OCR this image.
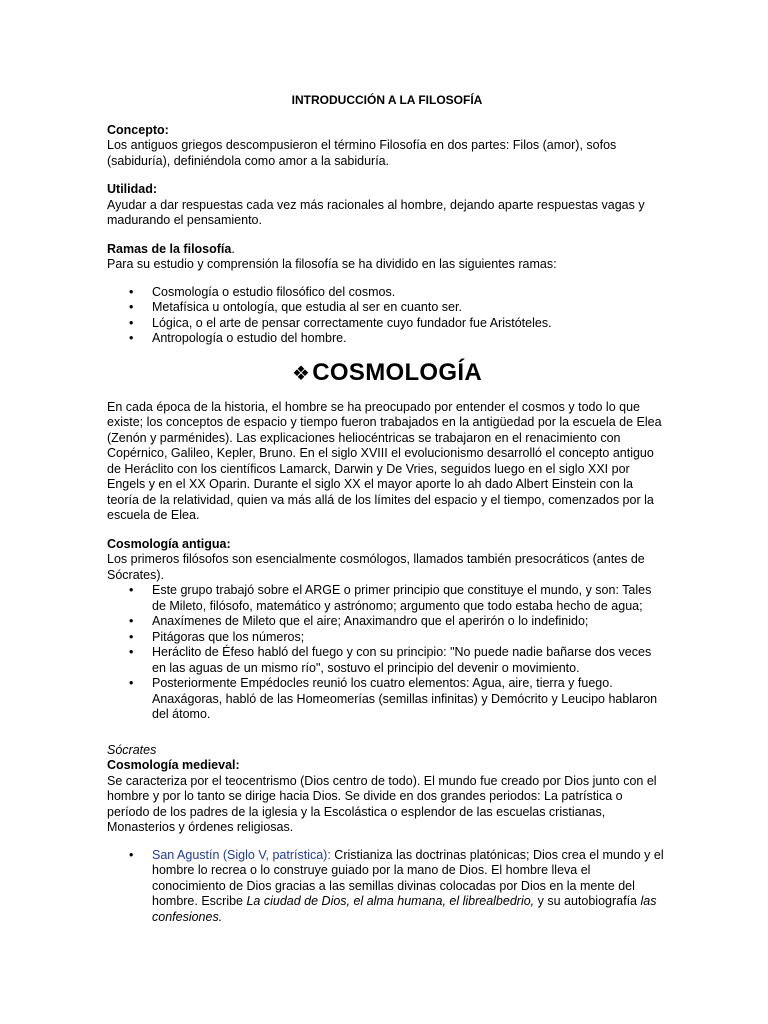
INTRODUCCIÓN A LA FILOSOFÍA

Concepto:

Los antiguos griegos descompusieron el término Filosofía en dos partes: Filos (amor), sofos (sabiduría), definiéndola como amor a la sabiduría.

Utilidad:

Ayudar a dar respuestas cada vez más racionales al hombre, dejando aparte respuestas vagas y madurando el pensamiento.

Ramas de la filosofía.

Para su estudio y comprensión la filosofía se ha dividido en las siguientes ramas:

• Cosmología o estudio filosófico del cosmos.
• Metafísica u ontología, que estudia al ser en cuanto ser.
• Lógica, o el arte de pensar correctamente cuyo fundador fue Aristóteles.
• Antropología o estudio del hombre.
❖COSMOLOGÍA

En cada época de la historia, el hombre se ha preocupado por entender el cosmos y todo lo que existe; los conceptos de espacio y tiempo fueron trabajados en la antigüedad por la escuela de Elea (Zenón y parménides). Las explicaciones heliocéntricas se trabajaron en el renacimiento con Copérnico, Galileo, Kepler, Bruno. En el siglo XVIII el evolucionismo desarrolló el concepto antiguo de Heráclito con los científicos Lamarck, Darwin y De Vries, seguidos luego en el siglo XXI por Engels y en el XX Oparin. Durante el siglo XX el mayor aporte lo ah dado Albert Einstein con la teoría de la relatividad, quien va más allá de los límites del espacio y el tiempo, comenzados por la escuela de Elea.

Cosmología antigua:

Los primeros filósofos son esencialmente cosmólogos, llamados también presocráticos (antes de Sócrates).

• Este grupo trabajó sobre el ARGE o primer principio que constituye el mundo, y son: Tales de Mileto, filósofo, matemático y astrónomo; argumento que todo estaba hecho de agua;
• Anaxímenes de Mileto que el aire; Anaximandro que el aperirón o lo indefinido;
• Pitágoras que los números;
• Heráclito de Éfeso habló del fuego y con su principio: "No puede nadie bañarse dos veces en las aguas de un mismo río", sostuvo el principio del devenir o movimiento.
• Posteriormente Empédocles reunió los cuatro elementos: Agua, aire, tierra y fuego. Anaxágoras, habló de las Homeomerías (semillas infinitas) y Demócrito y Leucipo hablaron del átomo.

Sócrates

Cosmología medieval:

Se caracteriza por el teocentrismo (Dios centro de todo). El mundo fue creado por Dios junto con el hombre y por lo tanto se dirige hacia Dios. Se divide en dos grandes periodos: La patrística o período de los padres de la iglesia y la Escolástica o esplendor de las escuelas cristianas, Monasterios y órdenes religiosas.

• San Agustín (Siglo V, patrística): Cristianiza las doctrinas platónicas; Dios crea el mundo y el hombre lo recrea o lo construye guiado por la mano de Dios. El hombre lleva el conocimiento de Dios gracias a las semillas divinas colocadas por Dios en la mente del hombre. Escribe La ciudad de Dios, el alma humana, el librealbedrio, y su autobiografía las confesiones.
